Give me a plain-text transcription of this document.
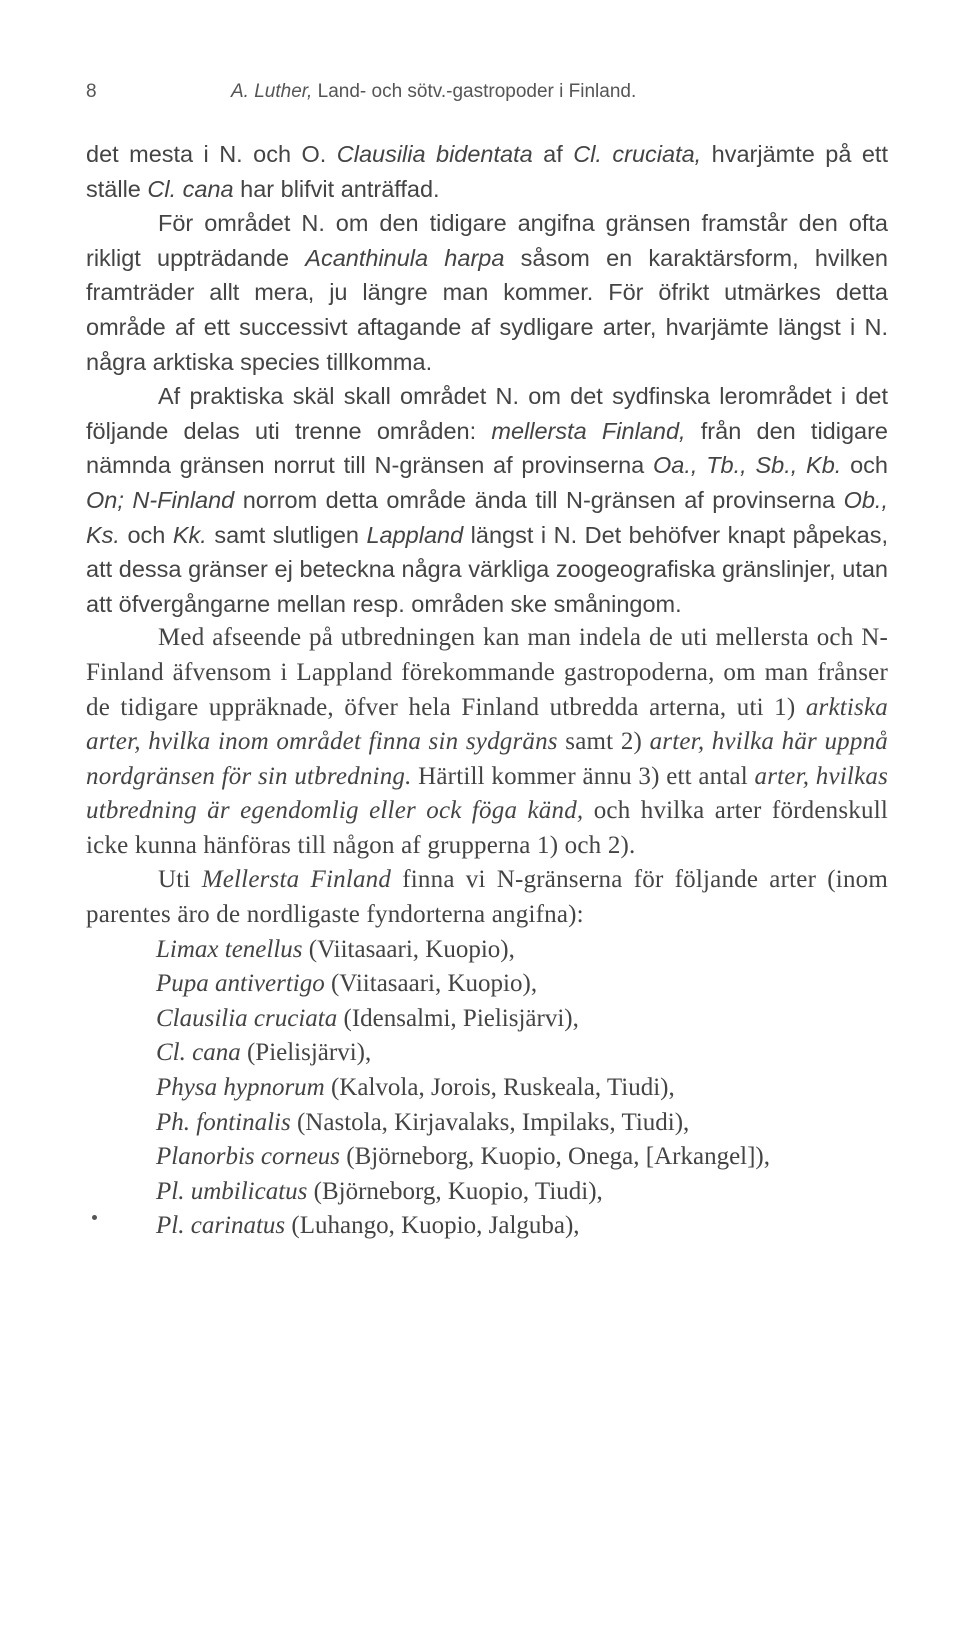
8	A. Luther, Land- och sötv.-gastropoder i Finland.

det mesta i N. och O. Clausilia bidentata af Cl. cruciata, hvarjämte på ett ställe Cl. cana har blifvit anträffad.

För området N. om den tidigare angifna gränsen framstår den ofta rikligt uppträdande Acanthinula harpa såsom en karaktärsform, hvilken framträder allt mera, ju längre man kommer. För öfrikt utmärkes detta område af ett successivt aftagande af sydligare arter, hvarjämte längst i N. några arktiska species tillkomma.

Af praktiska skäl skall området N. om det sydfinska lerområdet i det följande delas uti trenne områden: mellersta Finland, från den tidigare nämnda gränsen norrut till N-gränsen af provinserna Oa., Tb., Sb., Kb. och On; N-Finland norrom detta område ända till N-gränsen af provinserna Ob., Ks. och Kk. samt slutligen Lappland längst i N. Det behöfver knapt påpekas, att dessa gränser ej beteckna några värkliga zoogeografiska gränslinjer, utan att öfvergångarne mellan resp. områden ske småningom.

Med afseende på utbredningen kan man indela de uti mellersta och N-Finland äfvensom i Lappland förekommande gastropoderna, om man frånser de tidigare uppräknade, öfver hela Finland utbredda arterna, uti 1) arktiska arter, hvilka inom området finna sin sydgräns samt 2) arter, hvilka här uppnå nordgränsen för sin utbredning. Härtill kommer ännu 3) ett antal arter, hvilkas utbredning är egendomlig eller ock föga känd, och hvilka arter fördenskull icke kunna hänföras till någon af grupperna 1) och 2).

Uti Mellersta Finland finna vi N-gränserna för följande arter (inom parentes äro de nordligaste fyndorterna angifna):

Limax tenellus (Viitasaari, Kuopio),
Pupa antivertigo (Viitasaari, Kuopio),
Clausilia cruciata (Idensalmi, Pielisjärvi),
Cl. cana (Pielisjärvi),
Physa hypnorum (Kalvola, Jorois, Ruskeala, Tiudi),
Ph. fontinalis (Nastola, Kirjavalaks, Impilaks, Tiudi),
Planorbis corneus (Björneborg, Kuopio, Onega, [Arkangel]),
Pl. umbilicatus (Björneborg, Kuopio, Tiudi),
Pl. carinatus (Luhango, Kuopio, Jalguba),
